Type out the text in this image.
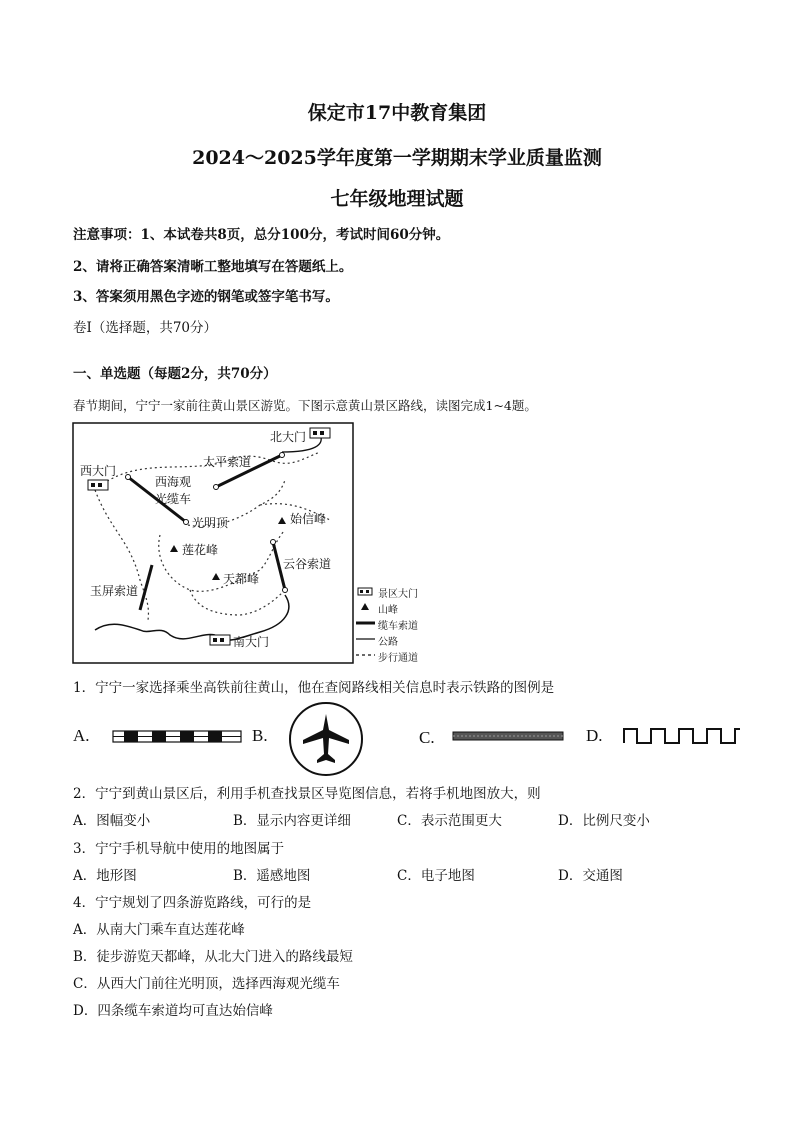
保定市17中教育集团
2024～2025学年度第一学期期末学业质量监测
七年级地理试题
注意事项：1、本试卷共8页，总分100分，考试时间60分钟。
2、请将正确答案清晰工整地填写在答题纸上。
3、答案须用黑色字迹的钢笔或签字笔书写。
卷Ⅰ（选择题，共70分）
一、单选题（每题2分，共70分）
春节期间，宁宁一家前往黄山景区游览。下图示意黄山景区路线，读图完成1~4题。
北大门
西大门
太平索道
西海观
光缆车
光明顶	始信峰
莲花峰
云谷索道
玉屏索道
天都峰
南大门
景区大门
山峰
缆车索道
公路
步行通道
1．宁宁一家选择乘坐高铁前往黄山，他在查阅路线相关信息时表示铁路的图例是
A.	B.	C.	D.
2．宁宁到黄山景区后，利用手机查找景区导览图信息，若将手机地图放大，则
A．图幅变小	B．显示内容更详细	C．表示范围更大	D．比例尺变小
3．宁宁手机导航中使用的地图属于
A．地形图	B．遥感地图	C．电子地图	D．交通图
4．宁宁规划了四条游览路线，可行的是
A．从南大门乘车直达莲花峰
B．徒步游览天都峰，从北大门进入的路线最短
C．从西大门前往光明顶，选择西海观光缆车
D．四条缆车索道均可直达始信峰
